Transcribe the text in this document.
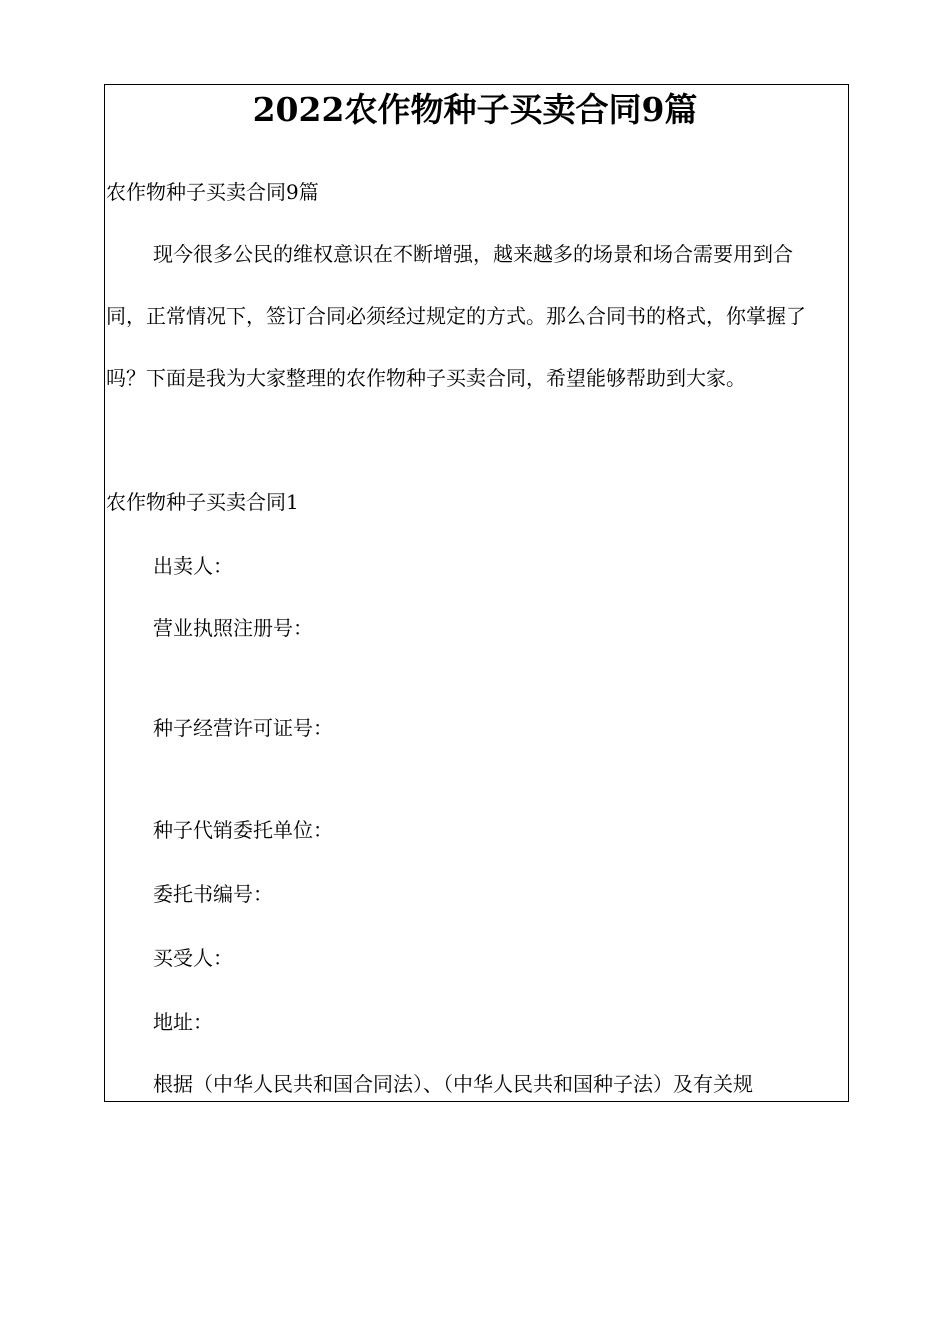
2022农作物种子买卖合同9篇
农作物种子买卖合同9篇
现今很多公民的维权意识在不断增强，越来越多的场景和场合需要用到合
同，正常情况下，签订合同必须经过规定的方式。那么合同书的格式，你掌握了
吗？下面是我为大家整理的农作物种子买卖合同，希望能够帮助到大家。
农作物种子买卖合同1
出卖人：
营业执照注册号：
种子经营许可证号：
种子代销委托单位：
委托书编号：
买受人：
地址：
根据（中华人民共和国合同法）、（中华人民共和国种子法）及有关规
